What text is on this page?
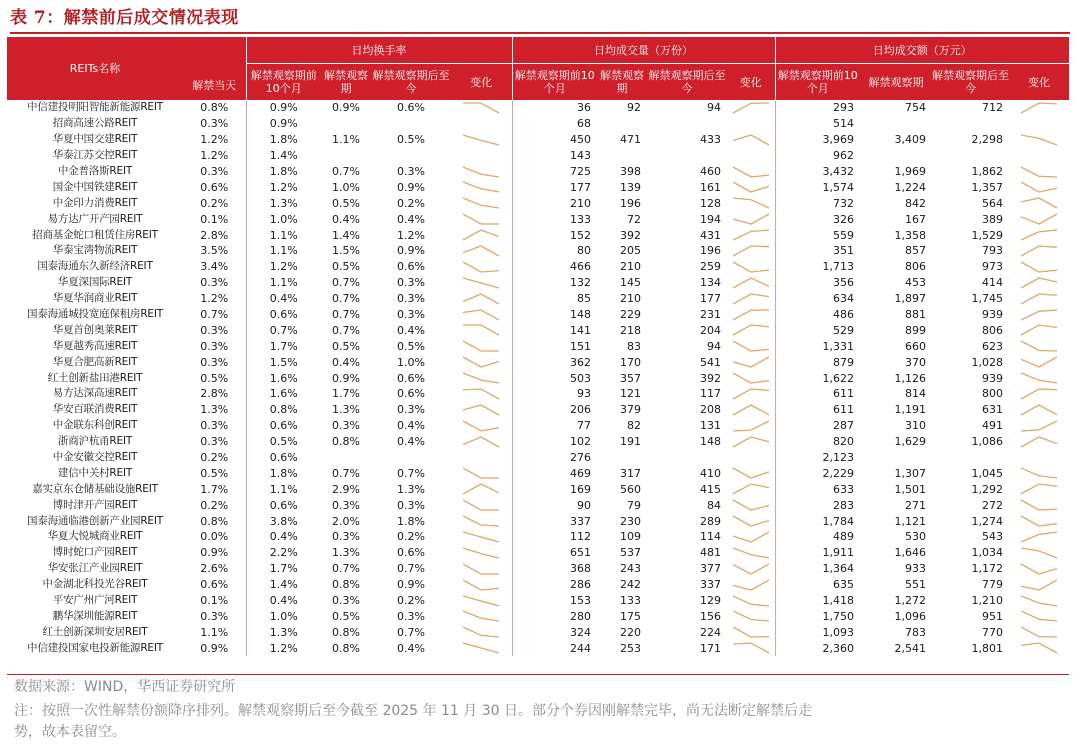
表 7：解禁前后成交情况表现
REITs名称	解禁当天	日均换手率				日均成交量（万份）				日均成交额（万元）			
		解禁观察期前10个月	解禁观察期	解禁观察期后至今	变化	解禁观察期前10个月	解禁观察期	解禁观察期后至今	变化	解禁观察期前10个月	解禁观察期	解禁观察期后至今	变化
中信建投明阳智能新能源REIT	0.8%	0.9%	0.9%	0.6%		36	92	94		293	754	712	

招商高速公路REIT	0.3%	0.9%				68				514			

华夏中国交建REIT	1.2%	1.8%	1.1%	0.5%		450	471	433		3,969	3,409	2,298	

华泰江苏交控REIT	1.2%	1.4%				143				962			

中金普洛斯REIT	0.3%	1.8%	0.7%	0.3%		725	398	460		3,432	1,969	1,862	

国金中国铁建REIT	0.6%	1.2%	1.0%	0.9%		177	139	161		1,574	1,224	1,357	

中金印力消费REIT	0.2%	1.3%	0.5%	0.2%		210	196	128		732	842	564	

易方达广开产园REIT	0.1%	1.0%	0.4%	0.4%		133	72	194		326	167	389	

招商基金蛇口租赁住房REIT	2.8%	1.1%	1.4%	1.2%		152	392	431		559	1,358	1,529	

华泰宝湾物流REIT	3.5%	1.1%	1.5%	0.9%		80	205	196		351	857	793	

国泰海通东久新经济REIT	3.4%	1.2%	0.5%	0.6%		466	210	259		1,713	806	973	

华夏深国际REIT	0.3%	1.1%	0.7%	0.3%		132	145	134		356	453	414	

华夏华润商业REIT	1.2%	0.4%	0.7%	0.3%		85	210	177		634	1,897	1,745	

国泰海通城投宽庭保租房REIT	0.7%	0.6%	0.7%	0.3%		148	229	231		486	881	939	

华夏首创奥莱REIT	0.3%	0.7%	0.7%	0.4%		141	218	204		529	899	806	

华夏越秀高速REIT	0.3%	1.7%	0.5%	0.5%		151	83	94		1,331	660	623	

华夏合肥高新REIT	0.3%	1.5%	0.4%	1.0%		362	170	541		879	370	1,028	

红土创新盐田港REIT	0.5%	1.6%	0.9%	0.6%		503	357	392		1,622	1,126	939	

易方达深高速REIT	2.8%	1.6%	1.7%	0.6%		93	121	117		611	814	800	

华安百联消费REIT	1.3%	0.8%	1.3%	0.3%		206	379	208		611	1,191	631	

中金联东科创REIT	0.3%	0.6%	0.3%	0.4%		77	82	131		287	310	491	

浙商沪杭甬REIT	0.3%	0.5%	0.8%	0.4%		102	191	148		820	1,629	1,086	

中金安徽交控REIT	0.2%	0.6%				276				2,123			

建信中关村REIT	0.5%	1.8%	0.7%	0.7%		469	317	410		2,229	1,307	1,045	

嘉实京东仓储基础设施REIT	1.7%	1.1%	2.9%	1.3%		169	560	415		633	1,501	1,292	

博时津开产园REIT	0.2%	0.6%	0.3%	0.3%		90	79	84		283	271	272	

国泰海通临港创新产业园REIT	0.8%	3.8%	2.0%	1.8%		337	230	289		1,784	1,121	1,274	

华夏大悦城商业REIT	0.0%	0.4%	0.3%	0.2%		112	109	114		489	530	543	

博时蛇口产园REIT	0.9%	2.2%	1.3%	0.6%		651	537	481		1,911	1,646	1,034	

华安张江产业园REIT	2.6%	1.7%	0.7%	0.7%		368	243	377		1,364	933	1,172	

中金湖北科投光谷REIT	0.6%	1.4%	0.8%	0.9%		286	242	337		635	551	779	

平安广州广河REIT	0.1%	0.4%	0.3%	0.2%		153	133	129		1,418	1,272	1,210	

鹏华深圳能源REIT	0.3%	1.0%	0.5%	0.3%		280	175	156		1,750	1,096	951	

红土创新深圳安居REIT	1.1%	1.3%	0.8%	0.7%		324	220	224		1,093	783	770	

中信建投国家电投新能源REIT	0.9%	1.2%	0.8%	0.4%		244	253	171		2,360	2,541	1,801	
数据来源：WIND，华西证券研究所
注：按照一次性解禁份额降序排列。解禁观察期后至今截至 2025 年 11 月 30 日。部分个券因刚解禁完毕，尚无法断定解禁后走
势，故本表留空。
